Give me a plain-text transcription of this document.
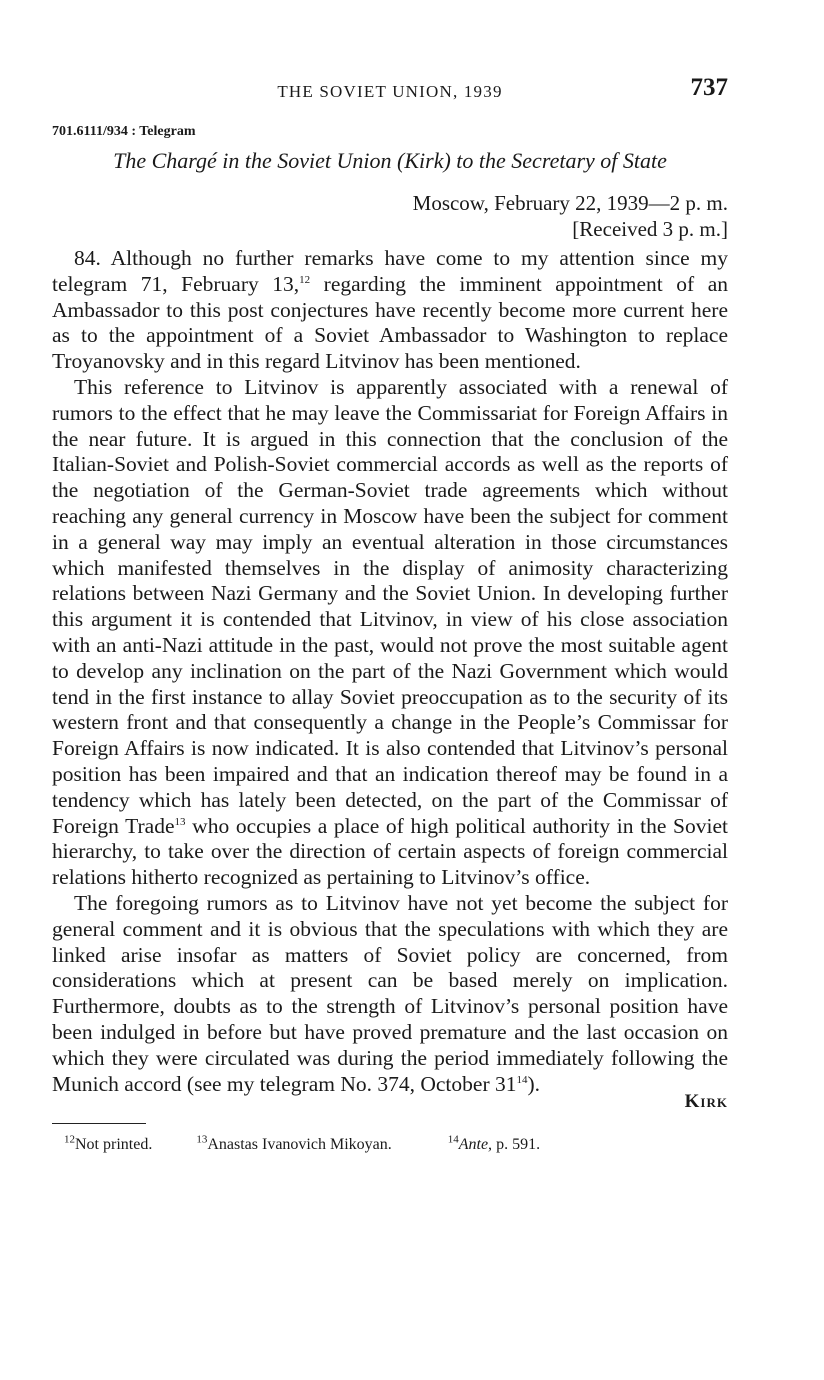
THE SOVIET UNION, 1939	737
701.6111/934 : Telegram
The Chargé in the Soviet Union (Kirk) to the Secretary of State
Moscow, February 22, 1939—2 p. m.
[Received 3 p. m.]

84. Although no further remarks have come to my attention since my telegram 71, February 13,12 regarding the imminent appointment of an Ambassador to this post conjectures have recently become more current here as to the appointment of a Soviet Ambassador to Washington to replace Troyanovsky and in this regard Litvinov has been mentioned.

This reference to Litvinov is apparently associated with a renewal of rumors to the effect that he may leave the Commissariat for Foreign Affairs in the near future. It is argued in this connection that the conclusion of the Italian-Soviet and Polish-Soviet commercial accords as well as the reports of the negotiation of the German-Soviet trade agreements which without reaching any general currency in Moscow have been the subject for comment in a general way may imply an eventual alteration in those circumstances which manifested themselves in the display of animosity characterizing relations between Nazi Germany and the Soviet Union. In developing further this argument it is contended that Litvinov, in view of his close association with an anti-Nazi attitude in the past, would not prove the most suitable agent to develop any inclination on the part of the Nazi Government which would tend in the first instance to allay Soviet preoccupation as to the security of its western front and that consequently a change in the People’s Commissar for Foreign Affairs is now indicated. It is also contended that Litvinov’s personal position has been impaired and that an indication thereof may be found in a tendency which has lately been detected, on the part of the Commissar of Foreign Trade$^{13}$ who occupies a place of high political authority in the Soviet hierarchy, to take over the direction of certain aspects of foreign commercial relations hitherto recognized as pertaining to Litvinov’s office.

The foregoing rumors as to Litvinov have not yet become the subject for general comment and it is obvious that the speculations with which they are linked arise insofar as matters of Soviet policy are concerned, from considerations which at present can be based merely on implication. Furthermore, doubts as to the strength of Litvinov’s personal position have been indulged in before but have proved premature and the last occasion on which they were circulated was during the period immediately following the Munich accord (see my telegram No. 374, October $31^{14}$).

Kirk
$^{12}$Not printed.	$^{13}$Anastas Ivanovich Mikoyan.	$^{14}$Ante, p. 591.
